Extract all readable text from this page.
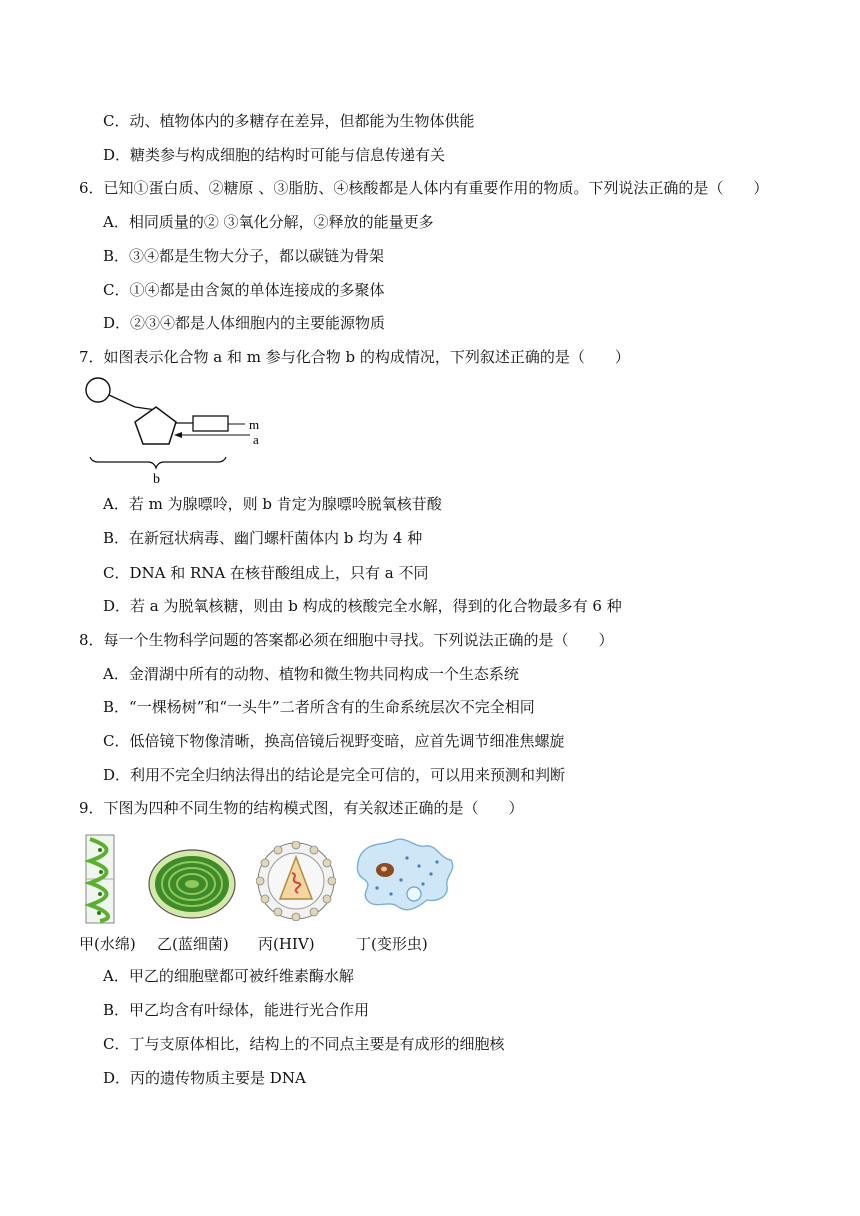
C．动、植物体内的多糖存在差异，但都能为生物体供能
D．糖类参与构成细胞的结构时可能与信息传递有关
6．已知①蛋白质、②糖原 、③脂肪、④核酸都是人体内有重要作用的物质。下列说法正确的是（　　）
A．相同质量的② ③氧化分解，②释放的能量更多
B．③④都是生物大分子，都以碳链为骨架
C．①④都是由含氮的单体连接成的多聚体
D．②③④都是人体细胞内的主要能源物质
7．如图表示化合物 a 和 m 参与化合物 b 的构成情况，下列叙述正确的是（　　）
m
a
b
A．若 m 为腺嘌呤，则 b 肯定为腺嘌呤脱氧核苷酸
B．在新冠状病毒、幽门螺杆菌体内 b 均为 4 种
C．DNA 和 RNA 在核苷酸组成上，只有 a 不同
D．若 a 为脱氧核糖，则由 b 构成的核酸完全水解，得到的化合物最多有 6 种
8．每一个生物科学问题的答案都必须在细胞中寻找。下列说法正确的是（　　）
A．金渭湖中所有的动物、植物和微生物共同构成一个生态系统
B．“一棵杨树”和“一头牛”二者所含有的生命系统层次不完全相同
C．低倍镜下物像清晰，换高倍镜后视野变暗，应首先调节细准焦螺旋
D．利用不完全归纳法得出的结论是完全可信的，可以用来预测和判断
9．下图为四种不同生物的结构模式图，有关叙述正确的是（　　）
甲(水绵) 乙(蓝细菌) 丙(HIV)	丁(变形虫)
A．甲乙的细胞壁都可被纤维素酶水解
B．甲乙均含有叶绿体，能进行光合作用
C．丁与支原体相比，结构上的不同点主要是有成形的细胞核
D．丙的遗传物质主要是 DNA
